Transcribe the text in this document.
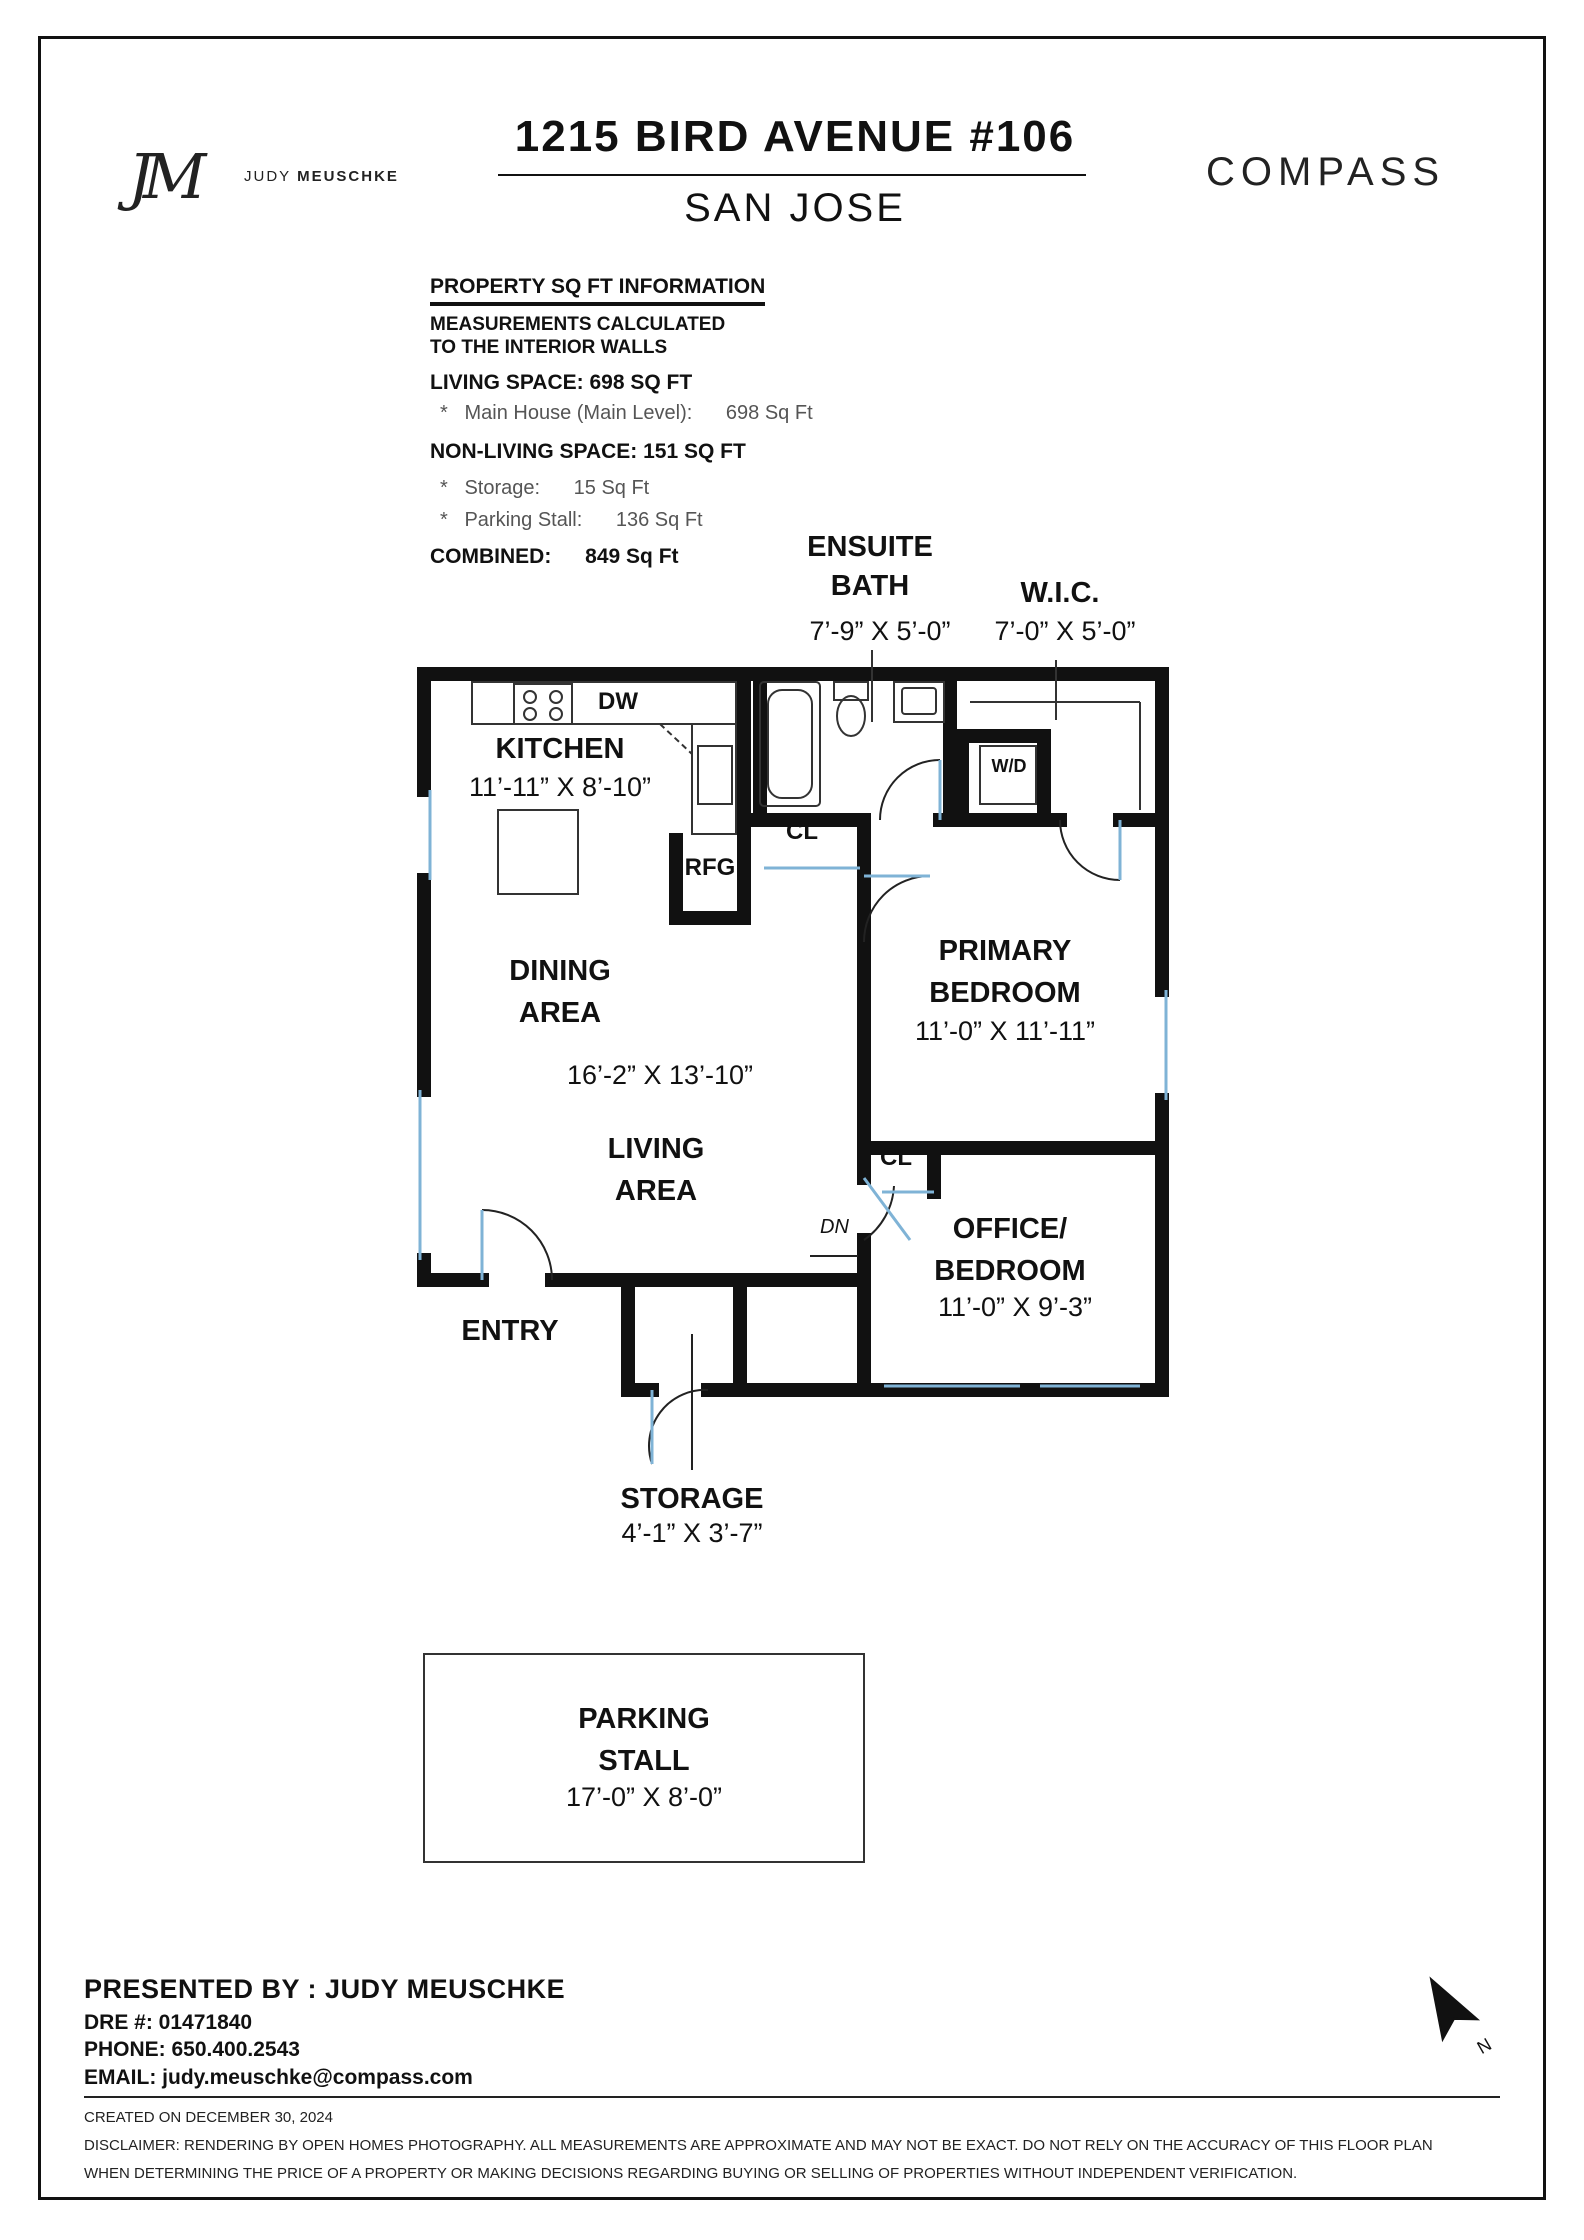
JM	JUDY MEUSCHKE
1215 BIRD AVENUE #106
SAN JOSE
COMPASS
PROPERTY SQ FT INFORMATION
MEASUREMENTS CALCULATED
TO THE INTERIOR WALLS
LIVING SPACE: 698 SQ FT
* Main House (Main Level): 698 Sq Ft
NON-LIVING SPACE: 151 SQ FT
* Storage: 15 Sq Ft
* Parking Stall: 136 Sq Ft
COMBINED: 849 Sq Ft	ENSUITE
BATH
7’-9” X 5’-0”
W.I.C.
7’-0” X 5’-0”
KITCHEN
11’-11” X 8’-10”
DW
W/D
CL
RFG
DINING
AREA
16’-2” X 13’-10”
LIVING
AREA
PRIMARY
BEDROOM
11’-0” X 11’-11”
CL
DN	OFFICE/
BEDROOM
11’-0” X 9’-3”
ENTRY
STORAGE
4’-1” X 3’-7”
PARKING
STALL
17’-0” X 8’-0”
N
PRESENTED BY : JUDY MEUSCHKE
DRE #: 01471840
PHONE: 650.400.2543
EMAIL: judy.meuschke@compass.com
CREATED ON DECEMBER 30, 2024
DISCLAIMER: RENDERING BY OPEN HOMES PHOTOGRAPHY. ALL MEASUREMENTS ARE APPROXIMATE AND MAY NOT BE EXACT. DO NOT RELY ON THE ACCURACY OF THIS FLOOR PLAN
WHEN DETERMINING THE PRICE OF A PROPERTY OR MAKING DECISIONS REGARDING BUYING OR SELLING OF PROPERTIES WITHOUT INDEPENDENT VERIFICATION.
